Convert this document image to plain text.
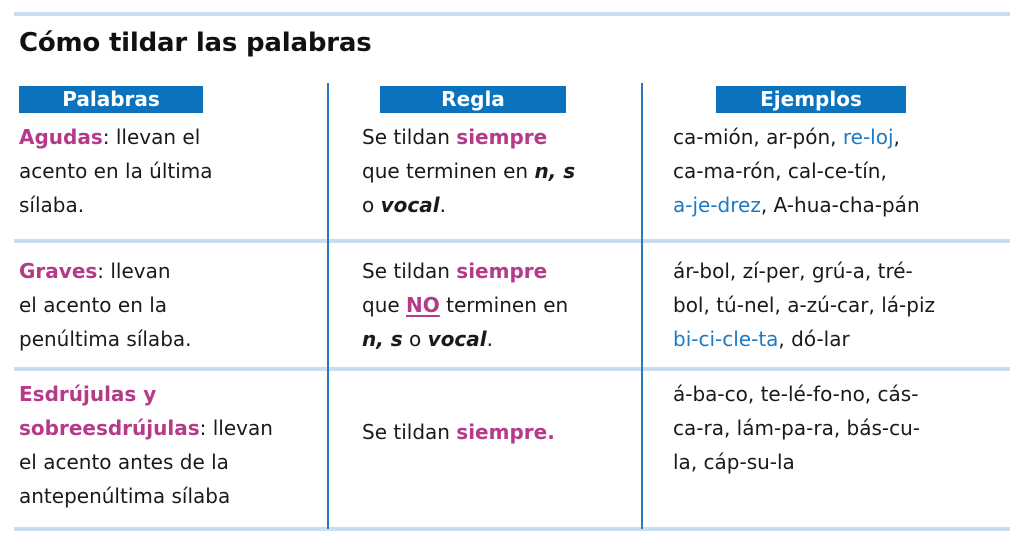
Cómo tildar las palabras
Palabras	Regla	Ejemplos
Agudas: llevan el
acento en la última
sílaba.
Se tildan siempre
que terminen en n, s
o vocal.
ca-mión, ar-pón, re-loj,
ca-ma-rón, cal-ce-tín,
a-je-drez, A-hua-cha-pán
Graves: llevan
el acento en la
penúltima sílaba.
Se tildan siempre
que NO terminen en
n, s o vocal.
ár-bol, zí-per, grú-a, tré-
bol, tú-nel, a-zú-car, lá-piz
bi-ci-cle-ta, dó-lar
Esdrújulas y
sobreesdrújulas: llevan
el acento antes de la
antepenúltima sílaba
Se tildan siempre.
á-ba-co, te-lé-fo-no, cás-
ca-ra, lám-pa-ra, bás-cu-
la, cáp-su-la
